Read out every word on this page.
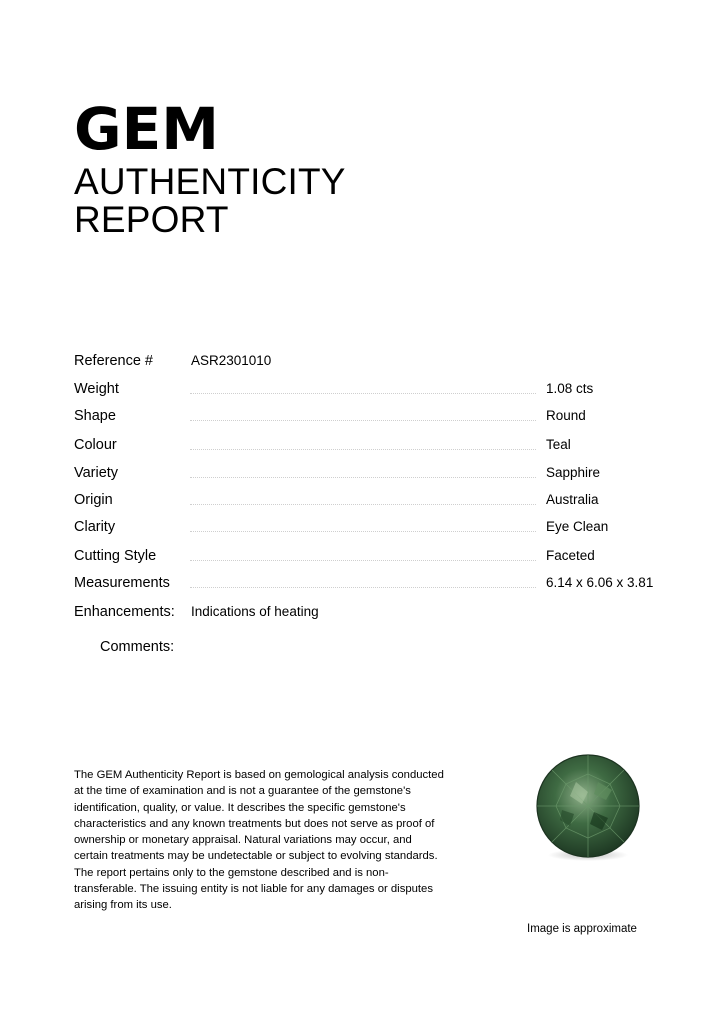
GEM
AUTHENTICITY
REPORT
Reference #	ASR2301010
Weight	1.08 cts
Shape	Round
Colour	Teal
Variety	Sapphire
Origin	Australia
Clarity	Eye Clean
Cutting Style	Faceted
Measurements	6.14 x 6.06 x 3.81
Enhancements: Indications of heating
Comments:
The GEM Authenticity Report is based on gemological analysis conducted at the time of examination and is not a guarantee of the gemstone's identification, quality, or value. It describes the specific gemstone's characteristics and any known treatments but does not serve as proof of ownership or monetary appraisal. Natural variations may occur, and certain treatments may be undetectable or subject to evolving standards. The report pertains only to the gemstone described and is non-transferable. The issuing entity is not liable for any damages or disputes arising from its use.
Image is approximate
